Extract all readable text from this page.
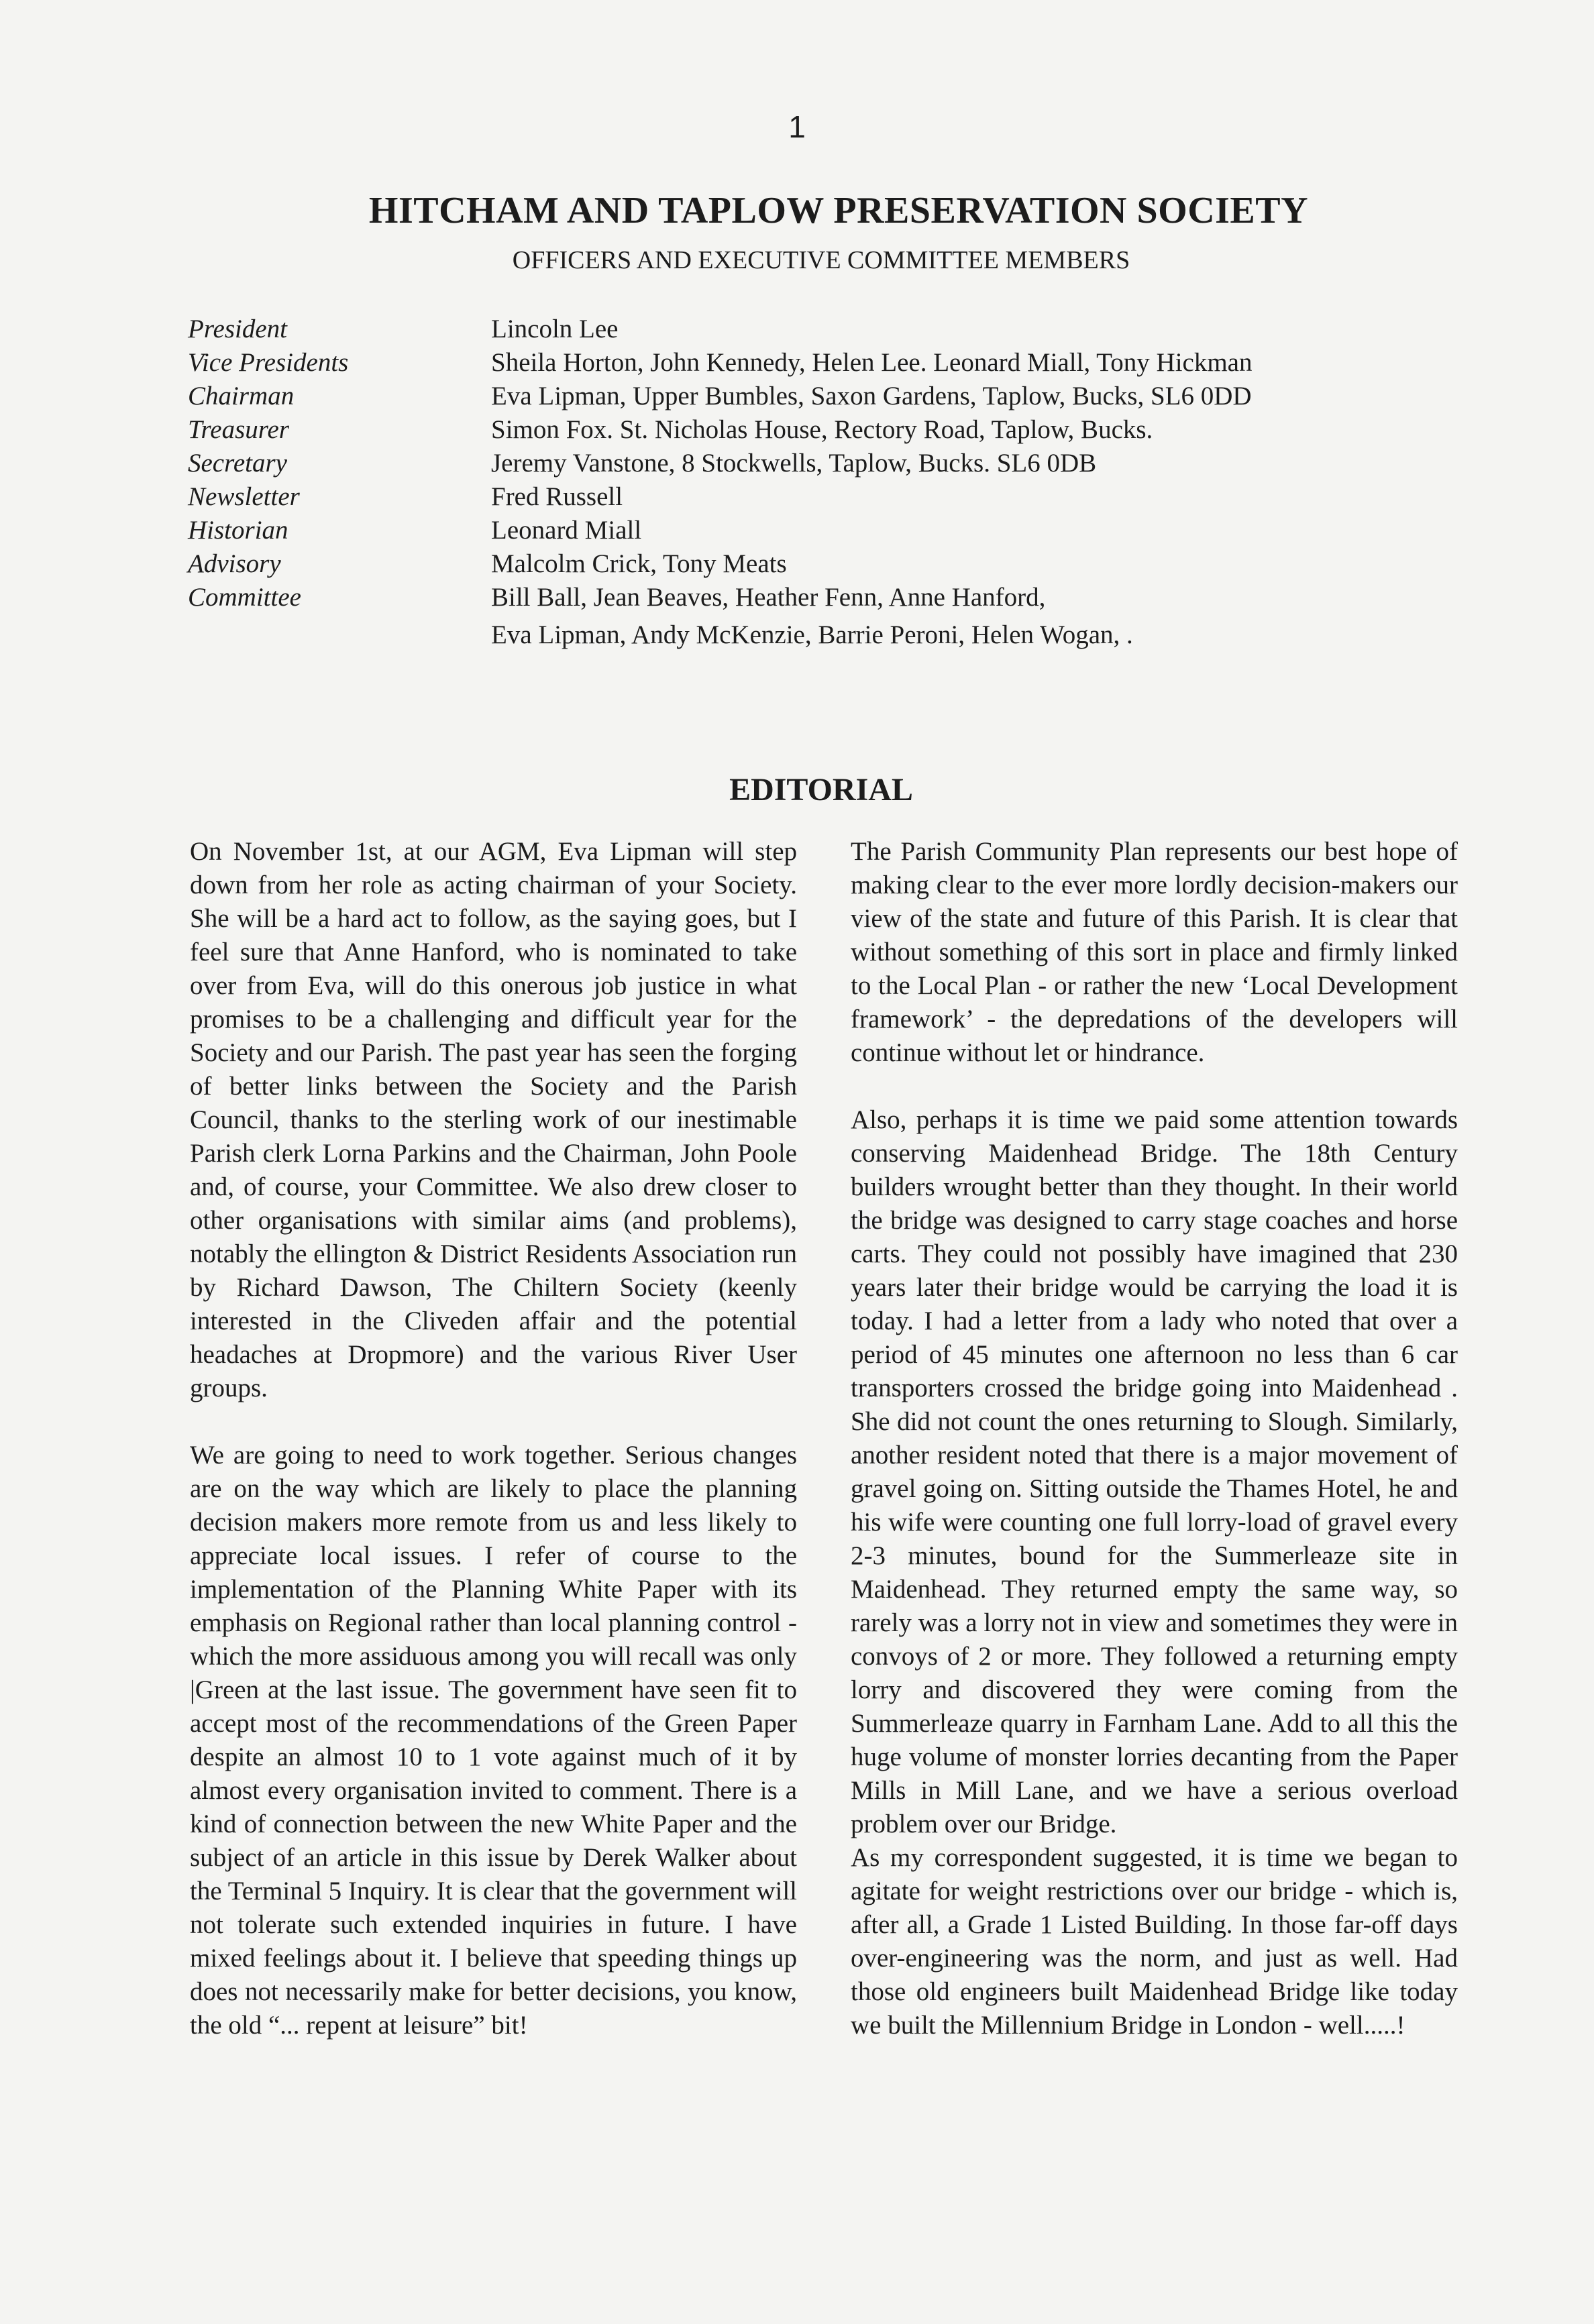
1
HITCHAM AND TAPLOW PRESERVATION SOCIETY
OFFICERS AND EXECUTIVE COMMITTEE MEMBERS
President	Lincoln Lee
Vice Presidents	Sheila Horton, John Kennedy, Helen Lee. Leonard Miall, Tony Hickman
Chairman	Eva Lipman, Upper Bumbles, Saxon Gardens, Taplow, Bucks, SL6 0DD
Treasurer	Simon Fox. St. Nicholas House, Rectory Road, Taplow, Bucks.
Secretary	Jeremy Vanstone, 8 Stockwells, Taplow, Bucks. SL6 0DB
Newsletter	Fred Russell
Historian	Leonard Miall
Advisory	Malcolm Crick, Tony Meats
Committee	Bill Ball, Jean Beaves, Heather Fenn, Anne Hanford,
Eva Lipman, Andy McKenzie, Barrie Peroni, Helen Wogan, .
EDITORIAL

On November 1st, at our AGM, Eva Lipman will step down from her role as acting chairman of your Society. She will be a hard act to follow, as the saying goes, but I feel sure that Anne Hanford, who is nominated to take over from Eva, will do this onerous job justice in what promises to be a challenging and difficult year for the Society and our Parish. The past year has seen the forging of better links between the Society and the Parish Council, thanks to the sterling work of our inestimable Parish clerk Lorna Parkins and the Chairman, John Poole and, of course, your Committee. We also drew closer to other organisations with similar aims (and problems), notably the ellington & District Residents Association run by Richard Dawson, The Chiltern Society (keenly interested in the Cliveden affair and the potential headaches at Dropmore) and the various River User groups.

We are going to need to work together. Serious changes are on the way which are likely to place the planning decision makers more remote from us and less likely to appreciate local issues. I refer of course to the implementation of the Planning White Paper with its emphasis on Regional rather than local planning control - which the more assiduous among you will recall was only |Green at the last issue. The government have seen fit to accept most of the recommendations of the Green Paper despite an almost 10 to 1 vote against much of it by almost every organisation invited to comment. There is a kind of connection between the new White Paper and the subject of an article in this issue by Derek Walker about the Terminal 5 Inquiry. It is clear that the government will not tolerate such extended inquiries in future. I have mixed feelings about it. I believe that speeding things up does not necessarily make for better decisions, you know, the old “... repent at leisure” bit!

The Parish Community Plan represents our best hope of making clear to the ever more lordly decision-makers our view of the state and future of this Parish. It is clear that without something of this sort in place and firmly linked to the Local Plan - or rather the new ‘Local Development framework’ - the depredations of the developers will continue without let or hindrance.

Also, perhaps it is time we paid some attention towards conserving Maidenhead Bridge. The 18th Century builders wrought better than they thought. In their world the bridge was designed to carry stage coaches and horse carts. They could not possibly have imagined that 230 years later their bridge would be carrying the load it is today. I had a letter from a lady who noted that over a period of 45 minutes one afternoon no less than 6 car transporters crossed the bridge going into Maidenhead . She did not count the ones returning to Slough. Similarly, another resident noted that there is a major movement of gravel going on. Sitting outside the Thames Hotel, he and his wife were counting one full lorry-load of gravel every 2-3 minutes, bound for the Summerleaze site in Maidenhead. They returned empty the same way, so rarely was a lorry not in view and sometimes they were in convoys of 2 or more. They followed a returning empty lorry and discovered they were coming from the Summerleaze quarry in Farnham Lane. Add to all this the huge volume of monster lorries decanting from the Paper Mills in Mill Lane, and we have a serious overload problem over our Bridge.

As my correspondent suggested, it is time we began to agitate for weight restrictions over our bridge - which is, after all, a Grade 1 Listed Building. In those far-off days over-engineering was the norm, and just as well. Had those old engineers built Maidenhead Bridge like today we built the Millennium Bridge in London - well.....!
